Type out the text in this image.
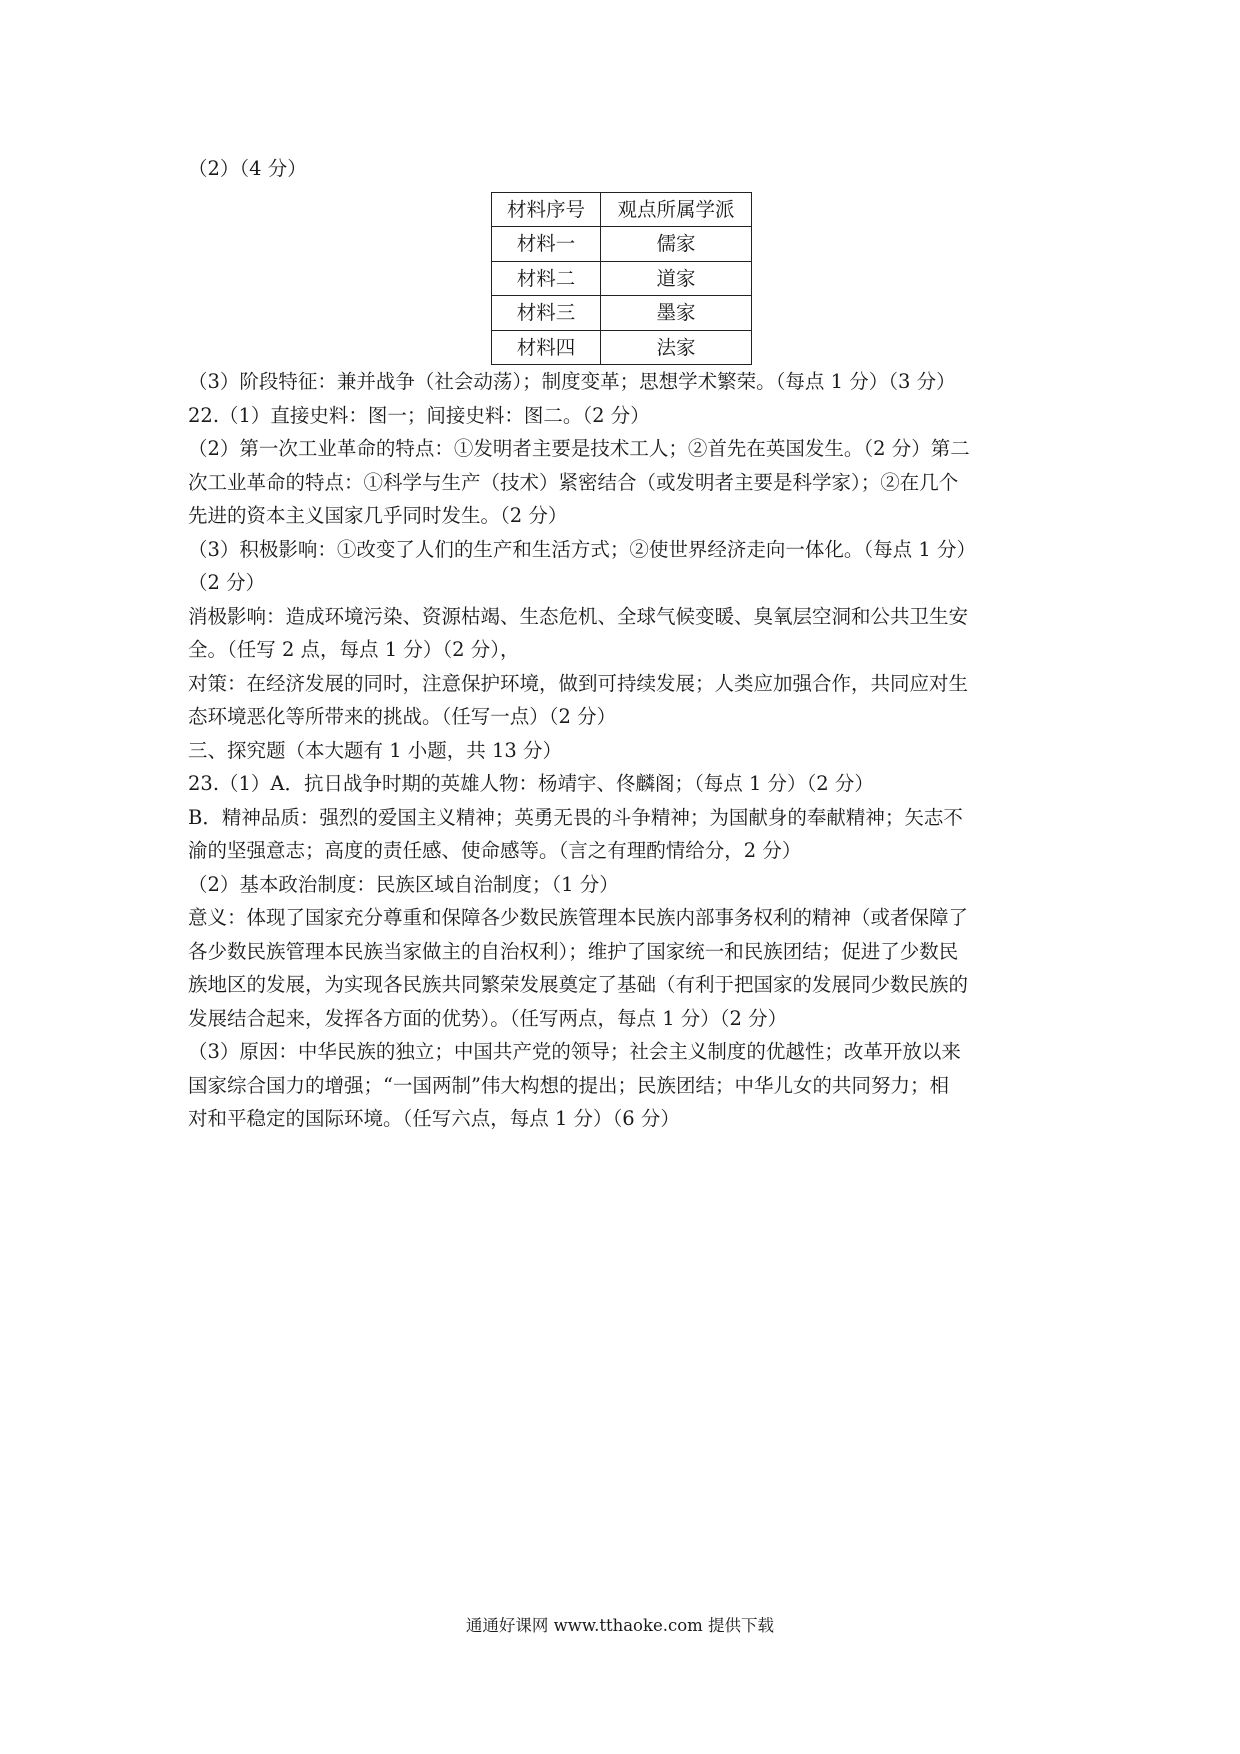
（2）（4 分）
材料序号	观点所属学派
材料一	儒家
材料二	道家
材料三	墨家
材料四	法家
（3）阶段特征：兼并战争（社会动荡）；制度变革；思想学术繁荣。（每点 1 分）（3 分）
22.（1）直接史料：图一；间接史料：图二。（2 分）
（2）第一次工业革命的特点：①发明者主要是技术工人；②首先在英国发生。（2 分）第二
次工业革命的特点：①科学与生产（技术）紧密结合（或发明者主要是科学家）；②在几个
先进的资本主义国家几乎同时发生。（2 分）
（3）积极影响：①改变了人们的生产和生活方式；②使世界经济走向一体化。（每点 1 分）
（2 分）
消极影响：造成环境污染、资源枯竭、生态危机、全球气候变暖、臭氧层空洞和公共卫生安
全。（任写 2 点，每点 1 分）（2 分），
对策：在经济发展的同时，注意保护环境，做到可持续发展；人类应加强合作，共同应对生
态环境恶化等所带来的挑战。（任写一点）（2 分）
三、探究题（本大题有 1 小题，共 13 分）
23.（1）A．抗日战争时期的英雄人物：杨靖宇、佟麟阁；（每点 1 分）（2 分）
B．精神品质：强烈的爱国主义精神；英勇无畏的斗争精神；为国献身的奉献精神；矢志不
渝的坚强意志；高度的责任感、使命感等。（言之有理酌情给分，2 分）
（2）基本政治制度：民族区域自治制度；（1 分）
意义：体现了国家充分尊重和保障各少数民族管理本民族内部事务权利的精神（或者保障了
各少数民族管理本民族当家做主的自治权利）；维护了国家统一和民族团结；促进了少数民
族地区的发展，为实现各民族共同繁荣发展奠定了基础（有利于把国家的发展同少数民族的
发展结合起来，发挥各方面的优势）。（任写两点，每点 1 分）（2 分）
（3）原因：中华民族的独立；中国共产党的领导；社会主义制度的优越性；改革开放以来
国家综合国力的增强；“一国两制”伟大构想的提出；民族团结；中华儿女的共同努力；相
对和平稳定的国际环境。（任写六点，每点 1 分）（6 分）
通通好课网 www.tthaoke.com 提供下载
